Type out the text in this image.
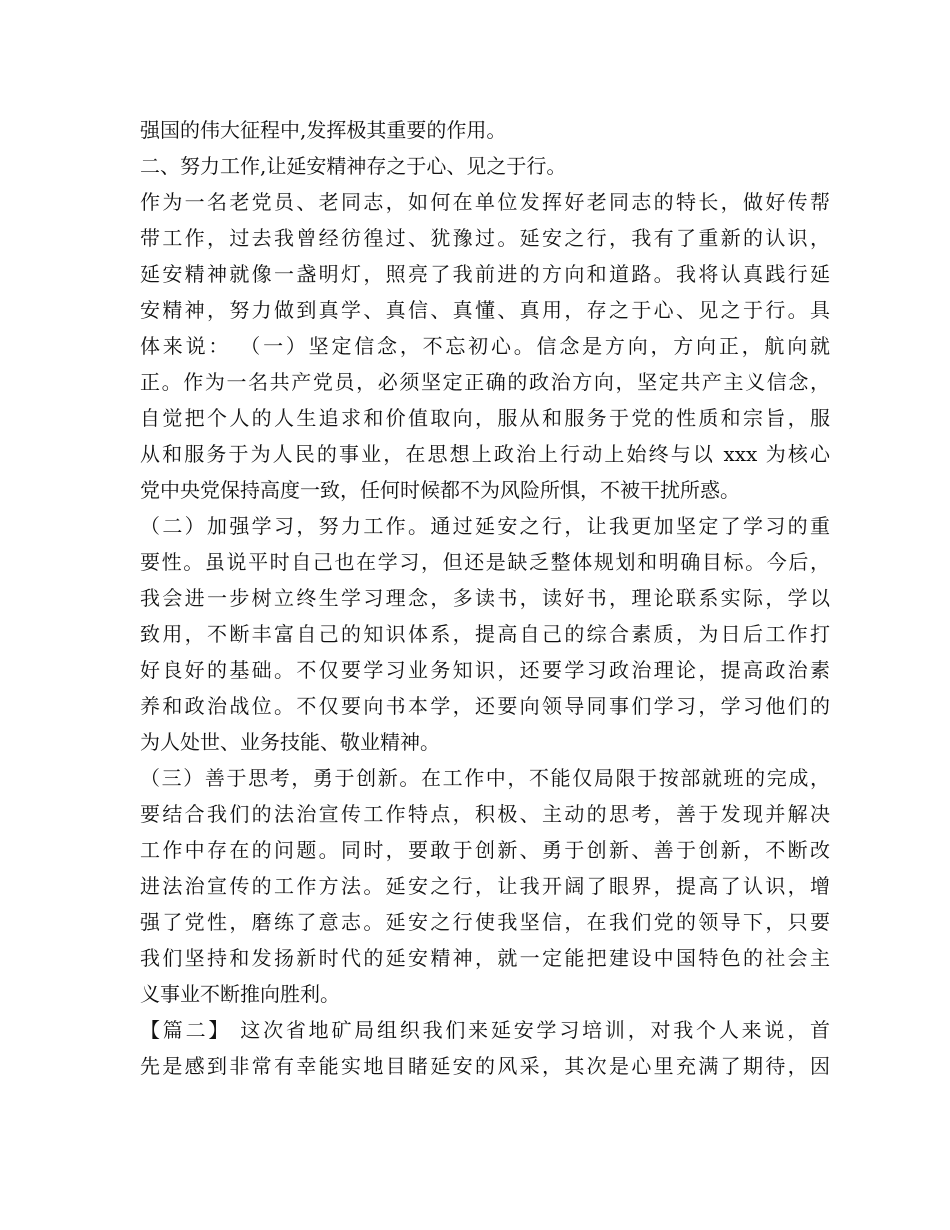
强国的伟大征程中,发挥极其重要的作用。
二、努力工作,让延安精神存之于心、见之于行。
作为一名老党员、老同志，如何在单位发挥好老同志的特长，做好传帮
带工作，过去我曾经彷徨过、犹豫过。延安之行，我有了重新的认识，
延安精神就像一盏明灯，照亮了我前进的方向和道路。我将认真践行延
安精神，努力做到真学、真信、真懂、真用，存之于心、见之于行。具
体来说： （一）坚定信念，不忘初心。信念是方向，方向正，航向就
正。作为一名共产党员，必须坚定正确的政治方向，坚定共产主义信念，
自觉把个人的人生追求和价值取向，服从和服务于党的性质和宗旨，服
从和服务于为人民的事业，在思想上政治上行动上始终与以 xxx 为核心
党中央党保持高度一致，任何时候都不为风险所惧，不被干扰所惑。
（二）加强学习，努力工作。通过延安之行，让我更加坚定了学习的重
要性。虽说平时自己也在学习，但还是缺乏整体规划和明确目标。今后，
我会进一步树立终生学习理念，多读书，读好书，理论联系实际，学以
致用，不断丰富自己的知识体系，提高自己的综合素质，为日后工作打
好良好的基础。不仅要学习业务知识，还要学习政治理论，提高政治素
养和政治战位。不仅要向书本学，还要向领导同事们学习，学习他们的
为人处世、业务技能、敬业精神。
（三）善于思考，勇于创新。在工作中，不能仅局限于按部就班的完成，
要结合我们的法治宣传工作特点，积极、主动的思考，善于发现并解决
工作中存在的问题。同时，要敢于创新、勇于创新、善于创新，不断改
进法治宣传的工作方法。延安之行，让我开阔了眼界，提高了认识，增
强了党性，磨练了意志。延安之行使我坚信，在我们党的领导下，只要
我们坚持和发扬新时代的延安精神，就一定能把建设中国特色的社会主
义事业不断推向胜利。
【篇二】 这次省地矿局组织我们来延安学习培训，对我个人来说，首
先是感到非常有幸能实地目睹延安的风采，其次是心里充满了期待，因
